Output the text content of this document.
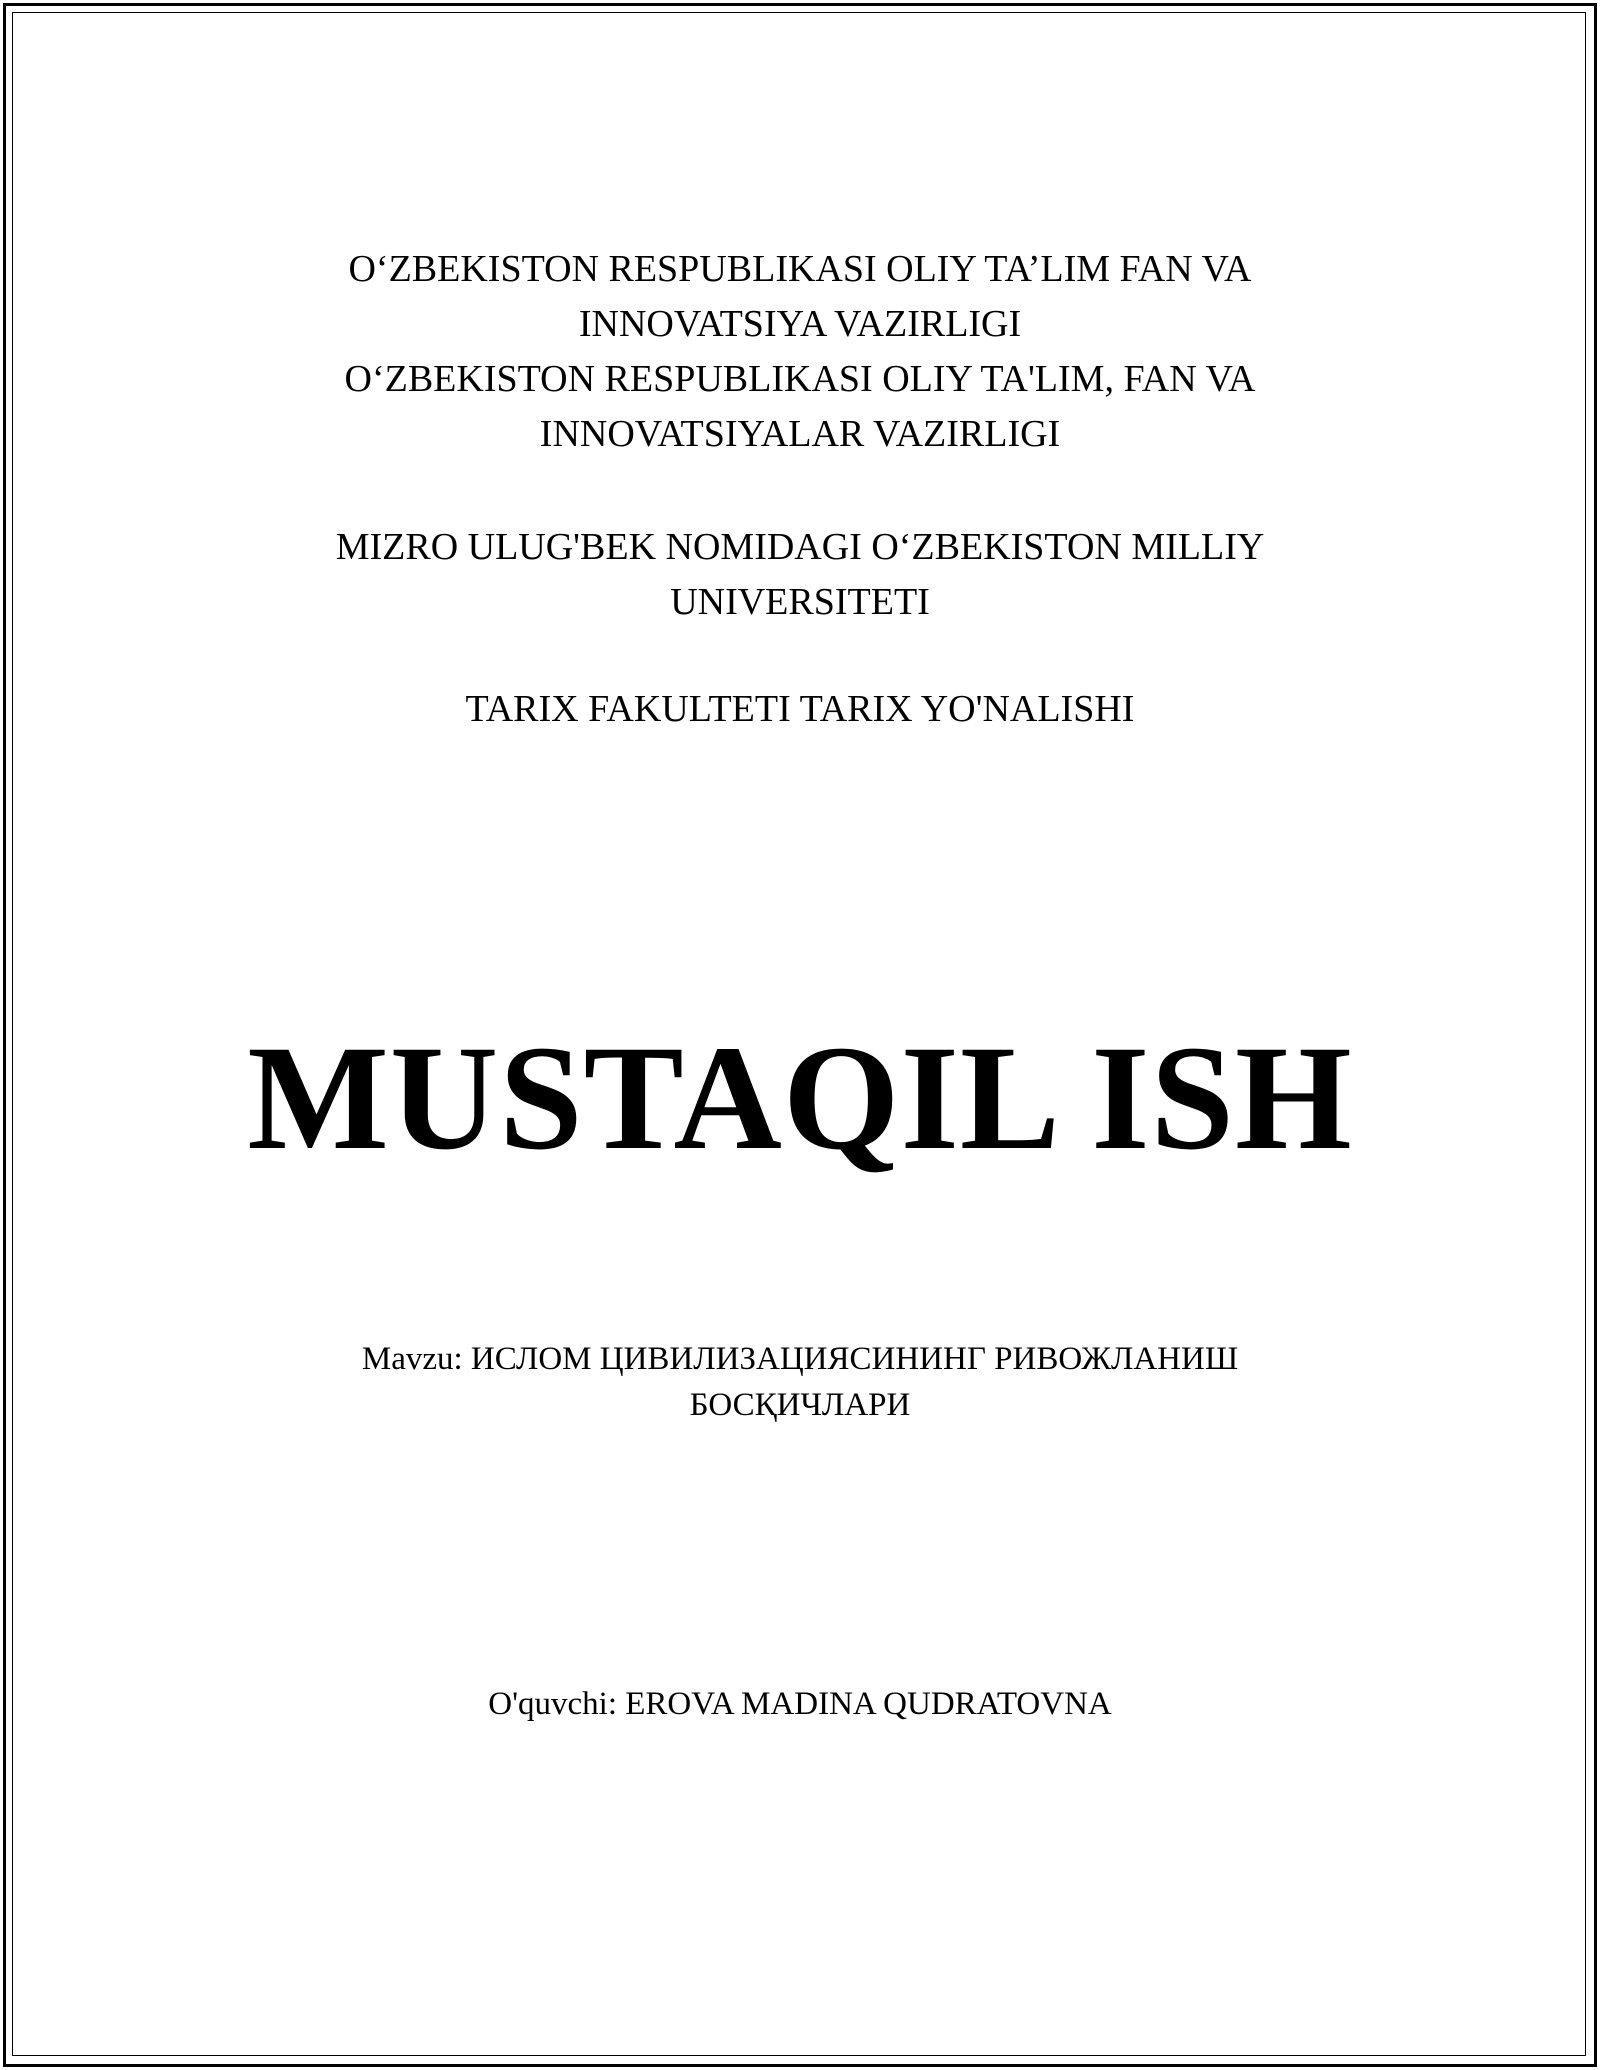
O‘ZBEKISTON RESPUBLIKASI OLIY TA’LIM FAN VA
INNOVATSIYA VAZIRLIGI
O‘ZBEKISTON RESPUBLIKASI OLIY TA'LIM, FAN VA
INNOVATSIYALAR VAZIRLIGI
MIZRO ULUG'BEK NOMIDAGI O‘ZBEKISTON MILLIY
UNIVERSITETI
TARIX FAKULTETI TARIX YO'NALISHI
MUSTAQIL ISH
Mavzu: ИСЛОМ ЦИВИЛИЗАЦИЯСИНИНГ РИВОЖЛАНИШ
БОСҚИЧЛАРИ
O'quvchi: EROVA MADINA QUDRATOVNA
